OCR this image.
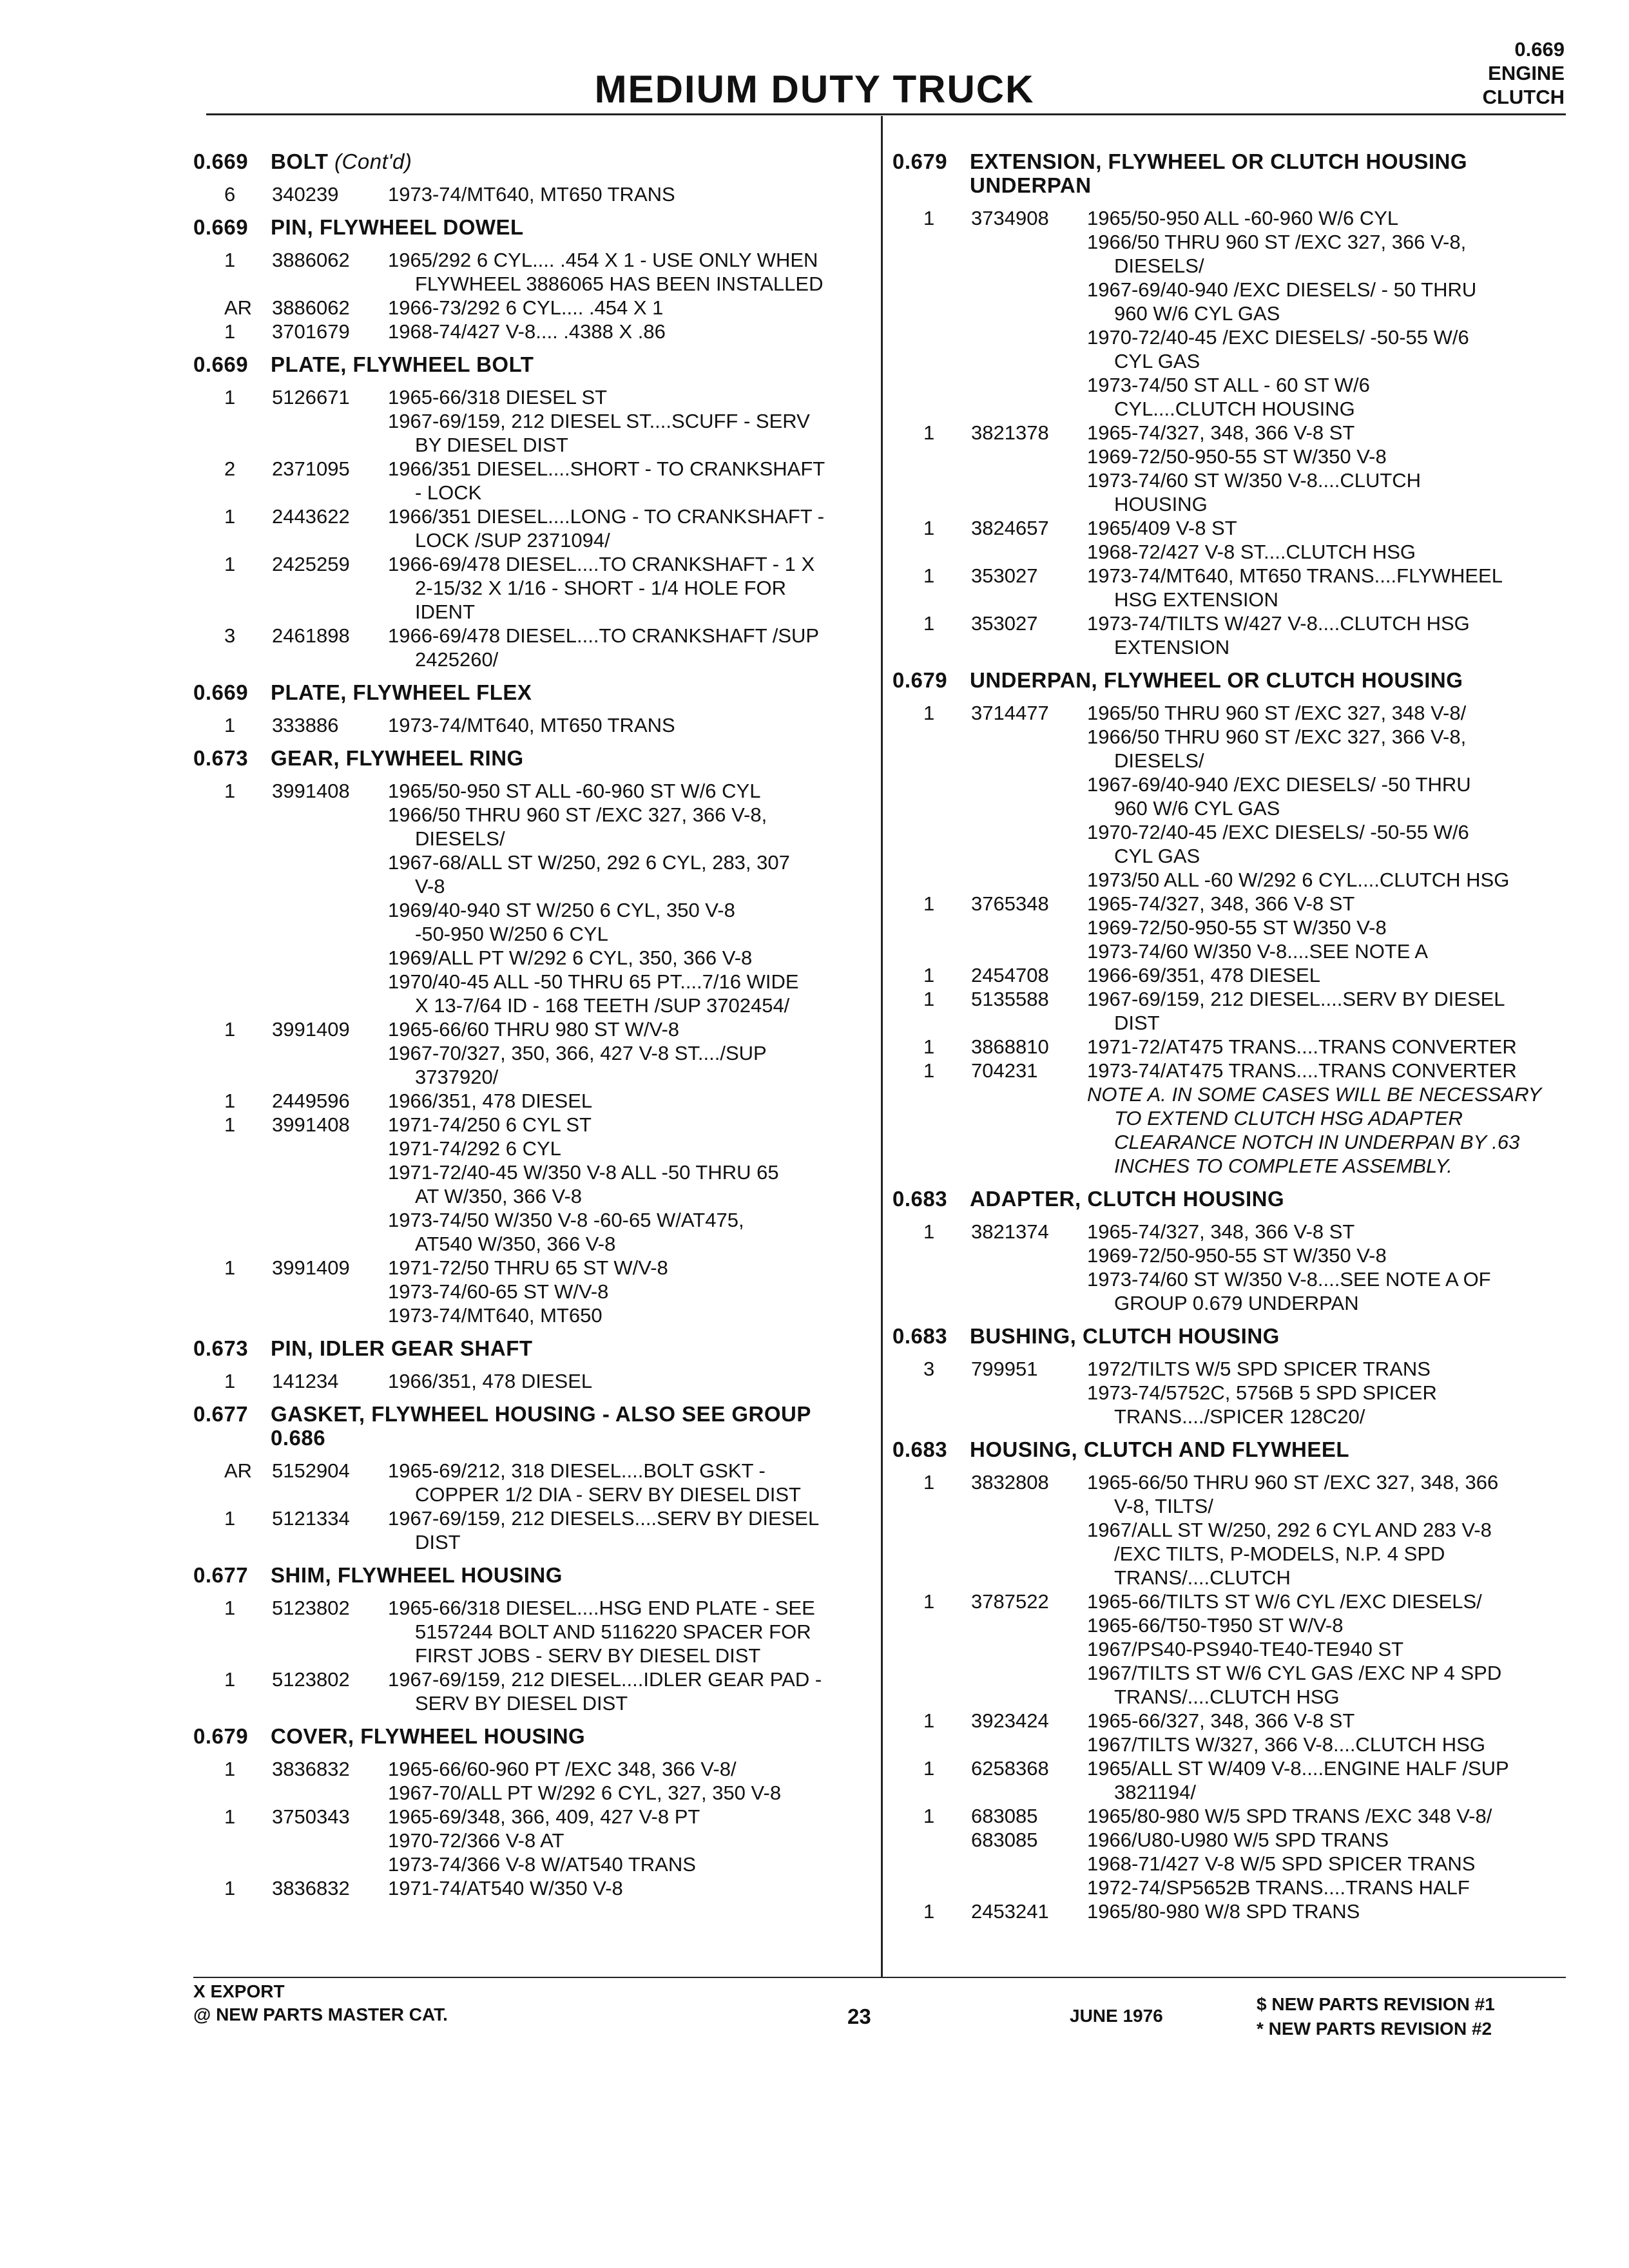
MEDIUM DUTY TRUCK
0.669
ENGINE
CLUTCH
0.669 BOLT (Cont'd)
6	340239	1973-74/MT640, MT650 TRANS
0.669 PIN, FLYWHEEL DOWEL
1	3886062	1965/292 6 CYL.... .454 X 1 - USE ONLY WHEN
FLYWHEEL 3886065 HAS BEEN INSTALLED
AR 3886062	1966-73/292 6 CYL.... .454 X 1
1	3701679	1968-74/427 V-8.... .4388 X .86
0.669 PLATE, FLYWHEEL BOLT
1	5126671	1965-66/318 DIESEL ST
1967-69/159, 212 DIESEL ST....SCUFF - SERV
BY DIESEL DIST
2	2371095	1966/351 DIESEL....SHORT - TO CRANKSHAFT
- LOCK
1	2443622	1966/351 DIESEL....LONG - TO CRANKSHAFT -
LOCK /SUP 2371094/
1	2425259	1966-69/478 DIESEL....TO CRANKSHAFT - 1 X
2-15/32 X 1/16 - SHORT - 1/4 HOLE FOR
IDENT
3	2461898	1966-69/478 DIESEL....TO CRANKSHAFT /SUP
2425260/
0.669 PLATE, FLYWHEEL FLEX
1	333886	1973-74/MT640, MT650 TRANS
0.673 GEAR, FLYWHEEL RING
1	3991408	1965/50-950 ST ALL -60-960 ST W/6 CYL
1966/50 THRU 960 ST /EXC 327, 366 V-8,
DIESELS/
1967-68/ALL ST W/250, 292 6 CYL, 283, 307
V-8
1969/40-940 ST W/250 6 CYL, 350 V-8
-50-950 W/250 6 CYL
1969/ALL PT W/292 6 CYL, 350, 366 V-8
1970/40-45 ALL -50 THRU 65 PT....7/16 WIDE
X 13-7/64 ID - 168 TEETH /SUP 3702454/
1	3991409	1965-66/60 THRU 980 ST W/V-8
1967-70/327, 350, 366, 427 V-8 ST..../SUP
3737920/
1	2449596	1966/351, 478 DIESEL
1	3991408	1971-74/250 6 CYL ST
1971-74/292 6 CYL
1971-72/40-45 W/350 V-8 ALL -50 THRU 65
AT W/350, 366 V-8
1973-74/50 W/350 V-8 -60-65 W/AT475,
AT540 W/350, 366 V-8
1	3991409	1971-72/50 THRU 65 ST W/V-8
1973-74/60-65 ST W/V-8
1973-74/MT640, MT650
0.673 PIN, IDLER GEAR SHAFT
1	141234	1966/351, 478 DIESEL
0.677 GASKET, FLYWHEEL HOUSING - ALSO SEE GROUP
0.686
AR 5152904	1965-69/212, 318 DIESEL....BOLT GSKT -
COPPER 1/2 DIA - SERV BY DIESEL DIST
1	5121334	1967-69/159, 212 DIESELS....SERV BY DIESEL
DIST
0.677 SHIM, FLYWHEEL HOUSING
1	5123802	1965-66/318 DIESEL....HSG END PLATE - SEE
5157244 BOLT AND 5116220 SPACER FOR
FIRST JOBS - SERV BY DIESEL DIST
1	5123802	1967-69/159, 212 DIESEL....IDLER GEAR PAD -
SERV BY DIESEL DIST
0.679 COVER, FLYWHEEL HOUSING
1	3836832	1965-66/60-960 PT /EXC 348, 366 V-8/
1967-70/ALL PT W/292 6 CYL, 327, 350 V-8
1	3750343	1965-69/348, 366, 409, 427 V-8 PT
1970-72/366 V-8 AT
1973-74/366 V-8 W/AT540 TRANS
1	3836832	1971-74/AT540 W/350 V-8
0.679 EXTENSION, FLYWHEEL OR CLUTCH HOUSING
UNDERPAN
1	3734908	1965/50-950 ALL -60-960 W/6 CYL
1966/50 THRU 960 ST /EXC 327, 366 V-8,
DIESELS/
1967-69/40-940 /EXC DIESELS/ - 50 THRU
960 W/6 CYL GAS
1970-72/40-45 /EXC DIESELS/ -50-55 W/6
CYL GAS
1973-74/50 ST ALL - 60 ST W/6
CYL....CLUTCH HOUSING
1	3821378	1965-74/327, 348, 366 V-8 ST
1969-72/50-950-55 ST W/350 V-8
1973-74/60 ST W/350 V-8....CLUTCH
HOUSING
1	3824657	1965/409 V-8 ST
1968-72/427 V-8 ST....CLUTCH HSG
1	353027	1973-74/MT640, MT650 TRANS....FLYWHEEL
HSG EXTENSION
1	353027	1973-74/TILTS W/427 V-8....CLUTCH HSG
EXTENSION
0.679 UNDERPAN, FLYWHEEL OR CLUTCH HOUSING
1	3714477	1965/50 THRU 960 ST /EXC 327, 348 V-8/
1966/50 THRU 960 ST /EXC 327, 366 V-8,
DIESELS/
1967-69/40-940 /EXC DIESELS/ -50 THRU
960 W/6 CYL GAS
1970-72/40-45 /EXC DIESELS/ -50-55 W/6
CYL GAS
1973/50 ALL -60 W/292 6 CYL....CLUTCH HSG
1	3765348	1965-74/327, 348, 366 V-8 ST
1969-72/50-950-55 ST W/350 V-8
1973-74/60 W/350 V-8....SEE NOTE A
1	2454708	1966-69/351, 478 DIESEL
1	5135588	1967-69/159, 212 DIESEL....SERV BY DIESEL
DIST
1	3868810	1971-72/AT475 TRANS....TRANS CONVERTER
1	704231	1973-74/AT475 TRANS....TRANS CONVERTER
NOTE A. IN SOME CASES WILL BE NECESSARY
TO EXTEND CLUTCH HSG ADAPTER
CLEARANCE NOTCH IN UNDERPAN BY .63
INCHES TO COMPLETE ASSEMBLY.
0.683 ADAPTER, CLUTCH HOUSING
1	3821374	1965-74/327, 348, 366 V-8 ST
1969-72/50-950-55 ST W/350 V-8
1973-74/60 ST W/350 V-8....SEE NOTE A OF
GROUP 0.679 UNDERPAN
0.683 BUSHING, CLUTCH HOUSING
3	799951	1972/TILTS W/5 SPD SPICER TRANS
1973-74/5752C, 5756B 5 SPD SPICER
TRANS..../SPICER 128C20/
0.683 HOUSING, CLUTCH AND FLYWHEEL
1	3832808	1965-66/50 THRU 960 ST /EXC 327, 348, 366
V-8, TILTS/
1967/ALL ST W/250, 292 6 CYL AND 283 V-8
/EXC TILTS, P-MODELS, N.P. 4 SPD
TRANS/....CLUTCH
1	3787522	1965-66/TILTS ST W/6 CYL /EXC DIESELS/
1965-66/T50-T950 ST W/V-8
1967/PS40-PS940-TE40-TE940 ST
1967/TILTS ST W/6 CYL GAS /EXC NP 4 SPD
TRANS/....CLUTCH HSG
1	3923424	1965-66/327, 348, 366 V-8 ST
1967/TILTS W/327, 366 V-8....CLUTCH HSG
1	6258368	1965/ALL ST W/409 V-8....ENGINE HALF /SUP
3821194/
1	683085	1965/80-980 W/5 SPD TRANS /EXC 348 V-8/
683085	1966/U80-U980 W/5 SPD TRANS
1968-71/427 V-8 W/5 SPD SPICER TRANS
1972-74/SP5652B TRANS....TRANS HALF
1	2453241	1965/80-980 W/8 SPD TRANS
X EXPORT
@ NEW PARTS MASTER CAT.	23	JUNE 1976
$ NEW PARTS REVISION #1
* NEW PARTS REVISION #2
